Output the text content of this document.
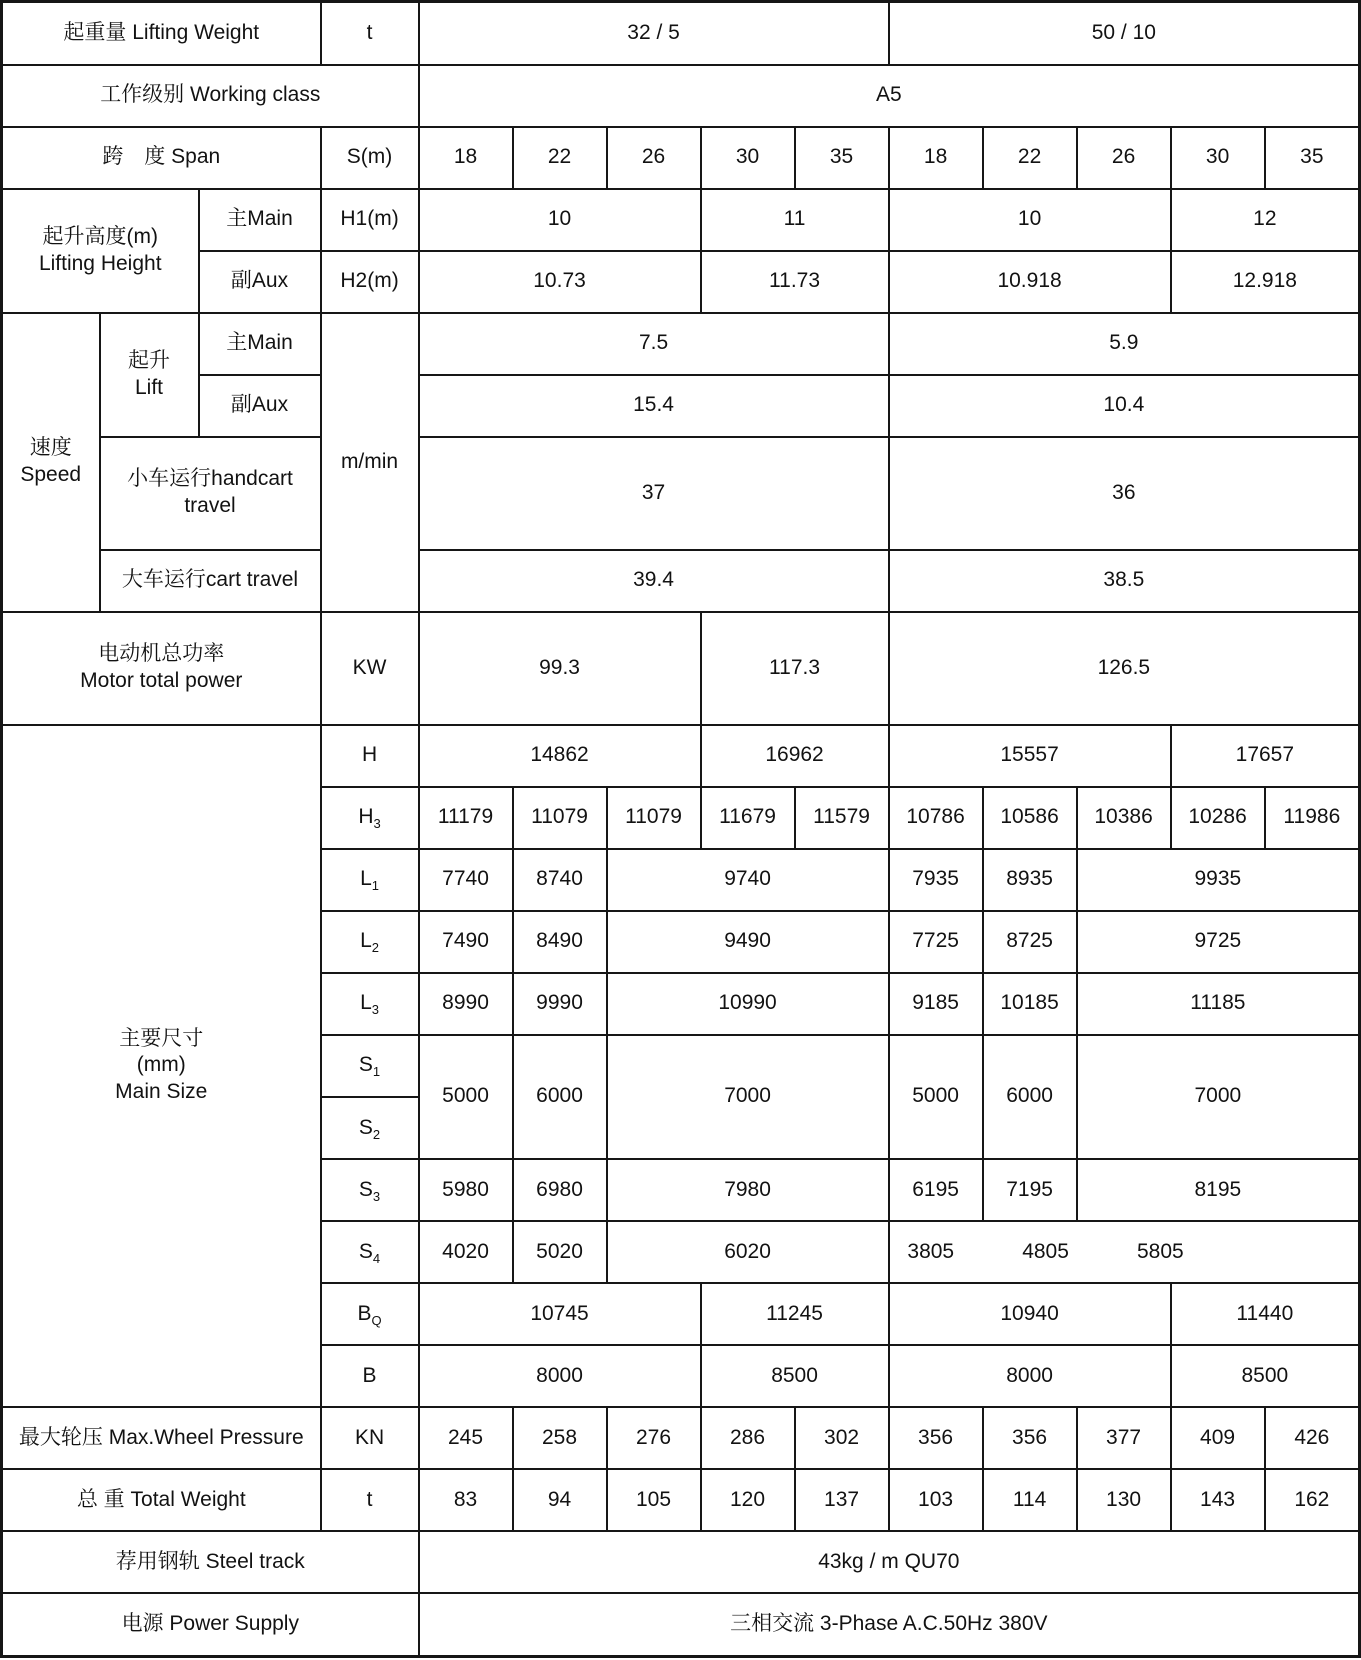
起重量 Lifting Weight			t	32 / 5					50 / 10				
工作级别 Working class				A5									
跨　度 Span			S(m)	18	22	26	30	35	18	22	26	30	35

起升高度(m)
Lifting Height		主Main	H1(m)	10			11		10			12	
		副Aux	H2(m)	10.73			11.73		10.918			12.918	

速度
Speed	起升
Lift	主Main	m/min	7.5					5.9				
		副Aux		15.4					10.4				
	小车运行handcart travel			37					36				
	大车运行cart travel			39.4					38.5				

电动机总功率
Motor total power			KW	99.3			117.3		126.5				

主要尺寸
(mm)
Main Size			H	14862			16962		15557			17657	
			$H_3$	11179	11079	11079	11679	11579	10786	10586	10386	10286	11986
			$L_1$	7740	8740	9740			7935	8935	9935		
			$L_2$	7490	8490	9490			7725	8725	9725		
			$L_3$	8990	9990	10990			9185	10185	11185		
			$S_1$	5000	6000	7000			5000	6000	7000		
			$S_2$
			$S_3$	5980	6980	7980			6195	7195	8195		
			$S_4$	4020	5020	6020			3805 4805 5805				

			$B_Q$	10745			11245		10940			11440	
			B	8000			8500		8000			8500	
最大轮压 Max.Wheel Pressure			KN	245	258	276	286	302	356	356	377	409	426
总 重 Total Weight			t	83	94	105	120	137	103	114	130	143	162
荐用钢轨 Steel track				43kg / m QU70									
电源 Power Supply				三相交流 3-Phase A.C.50Hz 380V									
